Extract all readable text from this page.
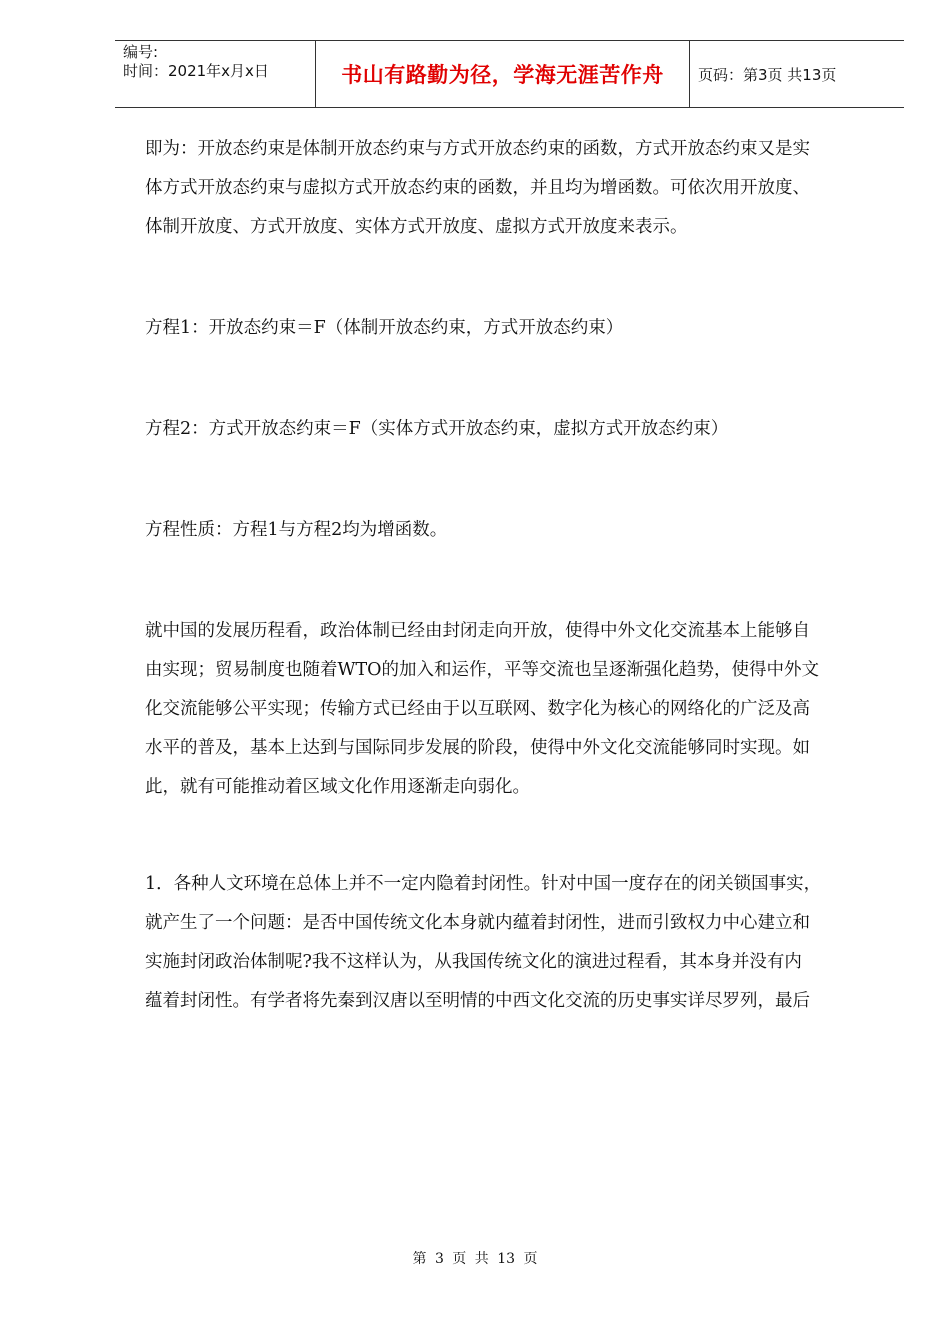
编号:
时间：2021年x月x日	书山有路勤为径，学海无涯苦作舟	页码：第3页 共13页

即为：开放态约束是体制开放态约束与方式开放态约束的函数，方式开放态约束又是实

体方式开放态约束与虚拟方式开放态约束的函数，并且均为增函数。可依次用开放度、

体制开放度、方式开放度、实体方式开放度、虚拟方式开放度来表示。

方程1：开放态约束＝F（体制开放态约束，方式开放态约束）

方程2：方式开放态约束＝F（实体方式开放态约束，虚拟方式开放态约束）

方程性质：方程1与方程2均为增函数。

就中国的发展历程看，政治体制已经由封闭走向开放，使得中外文化交流基本上能够自

由实现；贸易制度也随着WTO的加入和运作，平等交流也呈逐渐强化趋势，使得中外文

化交流能够公平实现；传输方式已经由于以互联网、数字化为核心的网络化的广泛及高

水平的普及，基本上达到与国际同步发展的阶段，使得中外文化交流能够同时实现。如

此，就有可能推动着区域文化作用逐渐走向弱化。

1．各种人文环境在总体上并不一定内隐着封闭性。针对中国一度存在的闭关锁国事实，

就产生了一个问题：是否中国传统文化本身就内蕴着封闭性，进而引致权力中心建立和

实施封闭政治体制呢?我不这样认为，从我国传统文化的演进过程看，其本身并没有内

蕴着封闭性。有学者将先秦到汉唐以至明情的中西文化交流的历史事实详尽罗列，最后

第 3 页 共 13 页
